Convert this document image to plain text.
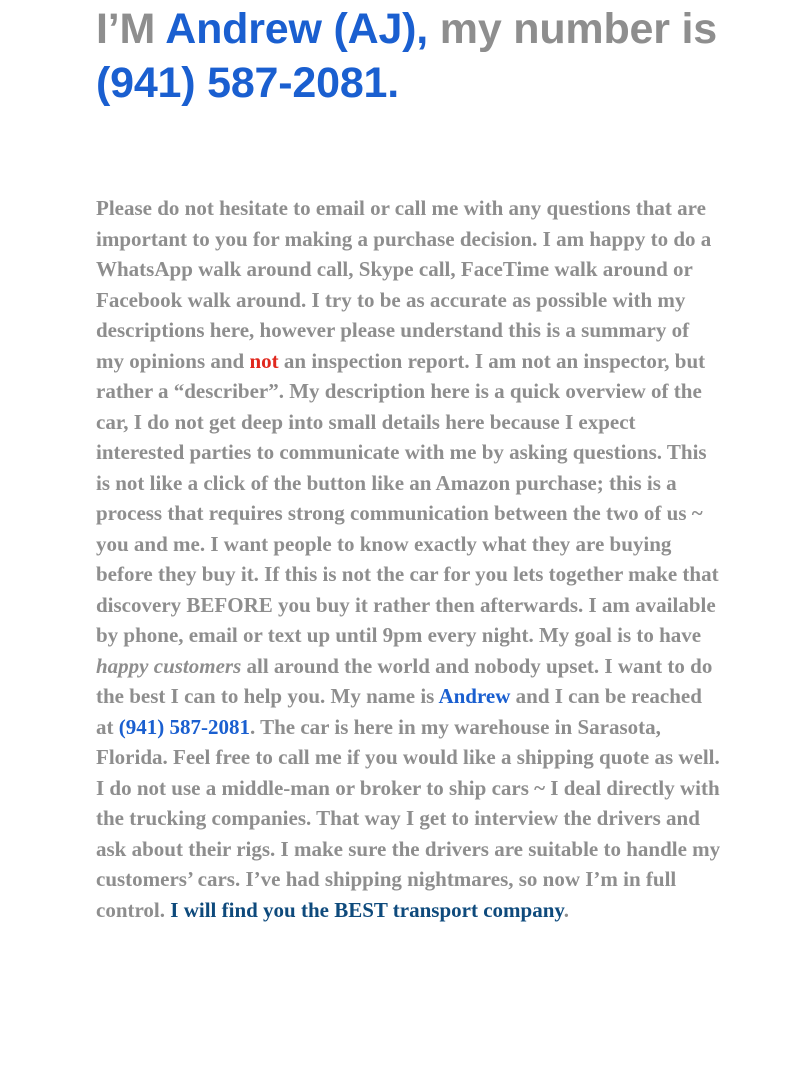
I’M Andrew (AJ), my number is (941) 587-2081.

Please do not hesitate to email or call me with any questions that are important to you for making a purchase decision. I am happy to do a WhatsApp walk around call, Skype call, FaceTime walk around or Facebook walk around. I try to be as accurate as possible with my descriptions here, however please understand this is a summary of my opinions and not an inspection report. I am not an inspector, but rather a “describer”. My description here is a quick overview of the car, I do not get deep into small details here because I expect interested parties to communicate with me by asking questions. This is not like a click of the button like an Amazon purchase; this is a process that requires strong communication between the two of us ~ you and me. I want people to know exactly what they are buying before they buy it. If this is not the car for you lets together make that discovery BEFORE you buy it rather then afterwards. I am available by phone, email or text up until 9pm every night. My goal is to have happy customers all around the world and nobody upset. I want to do the best I can to help you. My name is Andrew and I can be reached at (941) 587-2081. The car is here in my warehouse in Sarasota, Florida. Feel free to call me if you would like a shipping quote as well. I do not use a middle-man or broker to ship cars ~ I deal directly with the trucking companies. That way I get to interview the drivers and ask about their rigs. I make sure the drivers are suitable to handle my customers’ cars. I’ve had shipping nightmares, so now I’m in full control. I will find you the BEST transport company.
